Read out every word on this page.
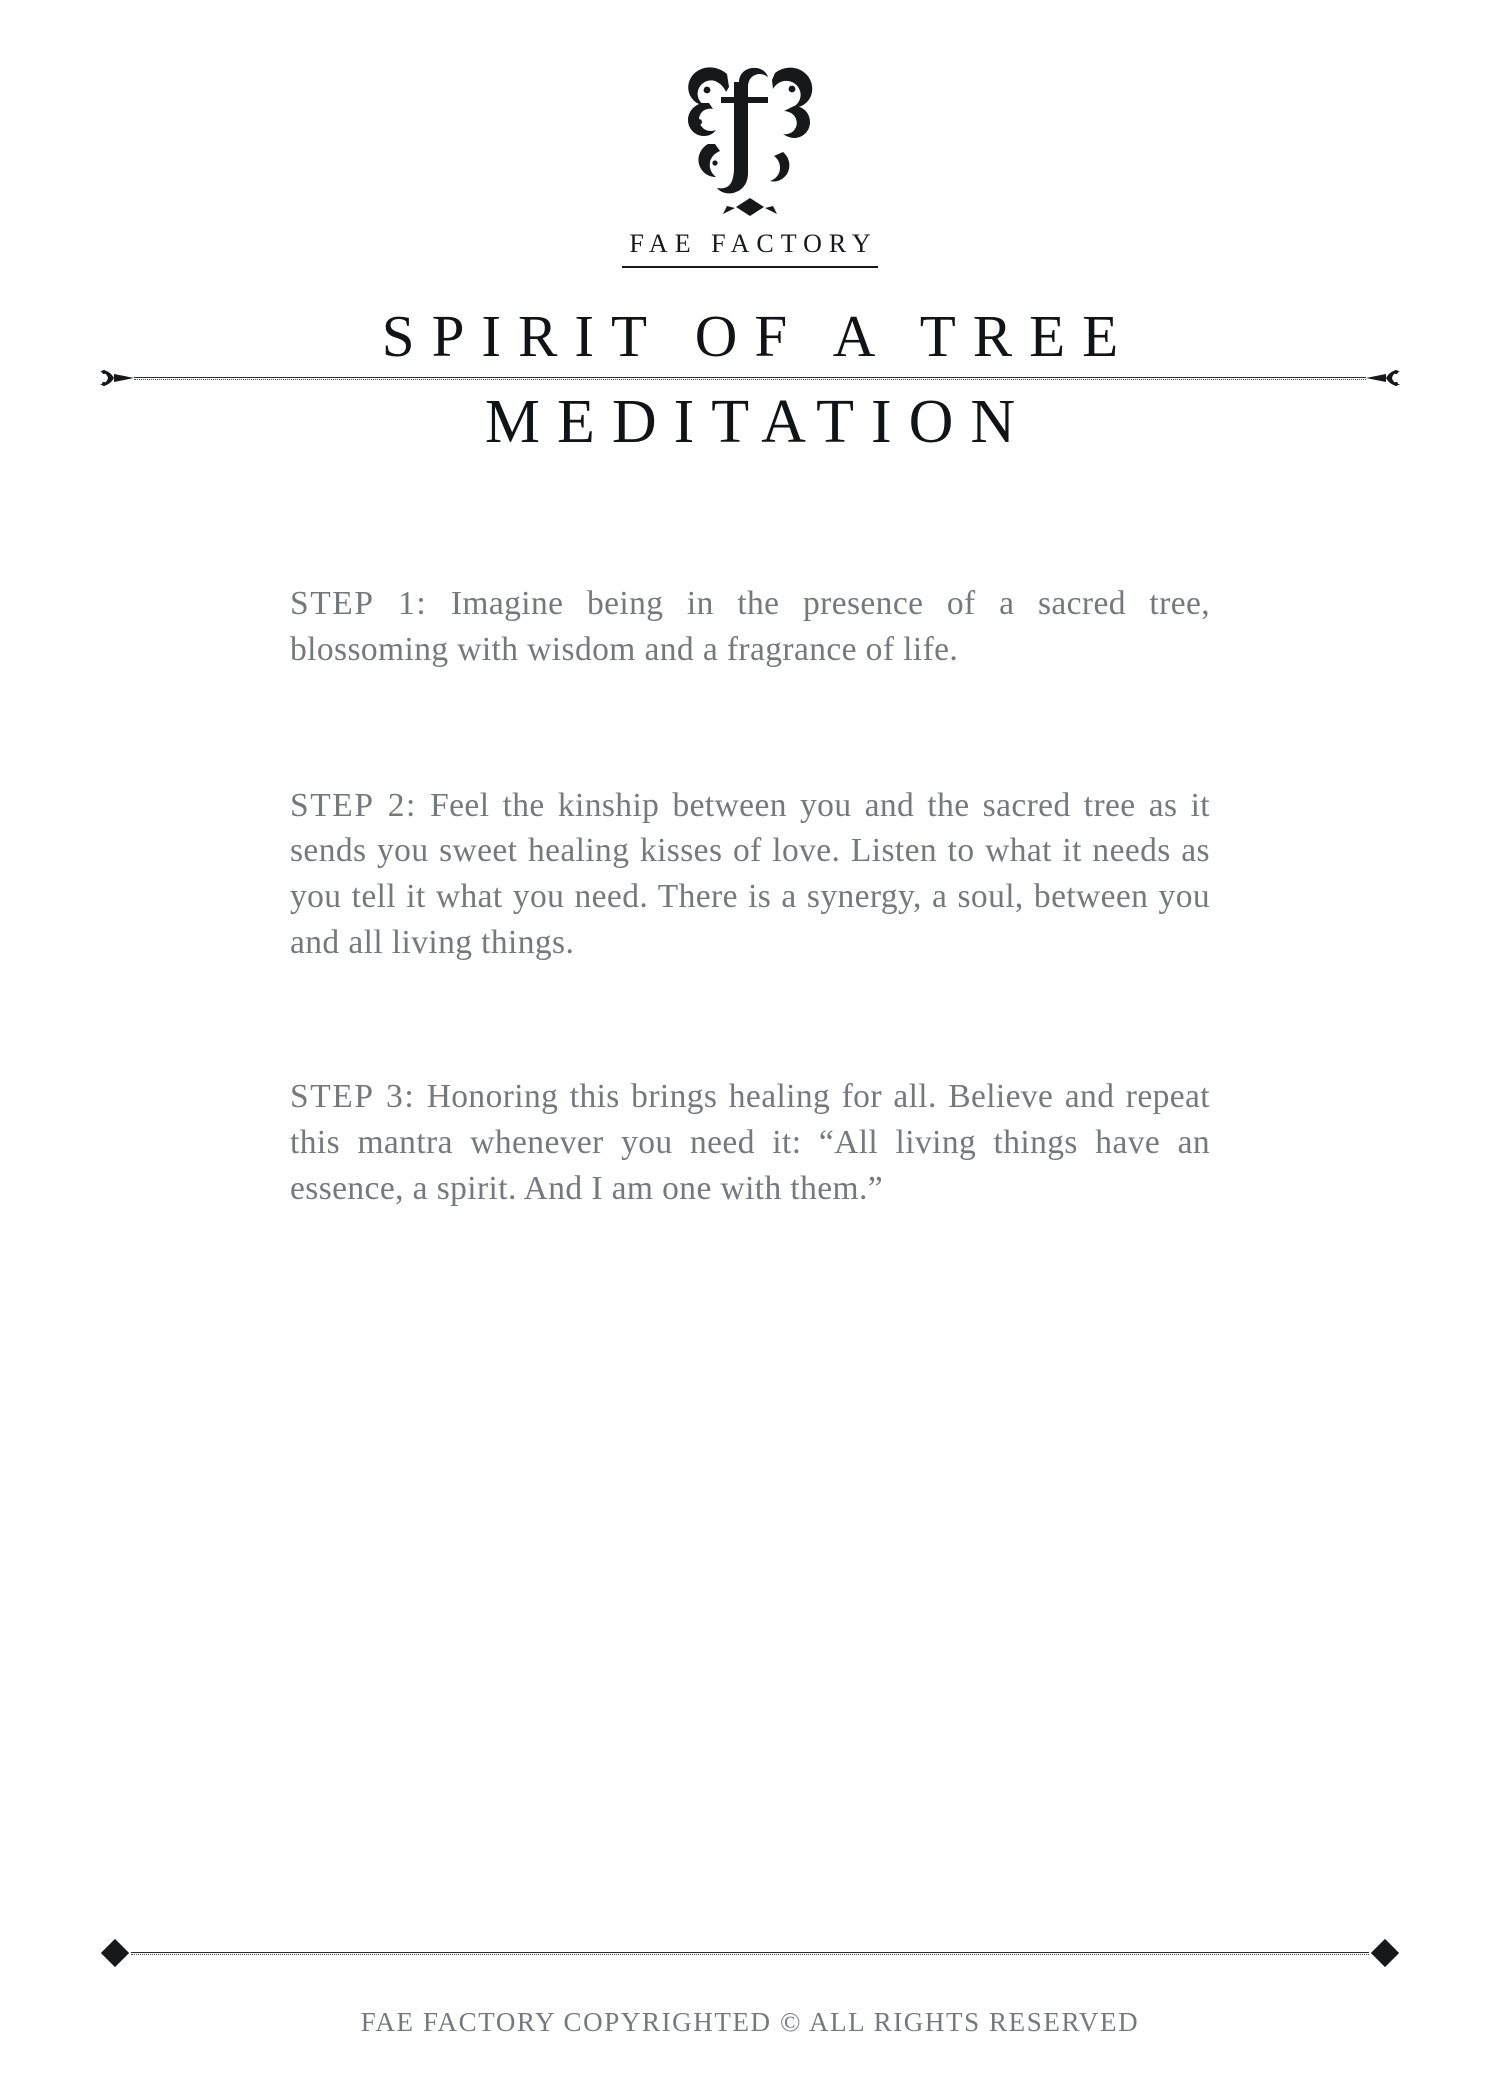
FAE FACTORY
SPIRIT OF A TREE
MEDITATION

STEP 1: Imagine being in the presence of a sacred tree, blossoming with wisdom and a fragrance of life.

STEP 2: Feel the kinship between you and the sacred tree as it sends you sweet healing kisses of love. Listen to what it needs as you tell it what you need. There is a synergy, a soul, between you and all living things.

STEP 3: Honoring this brings healing for all. Believe and repeat this mantra whenever you need it: “All living things have an essence, a spirit. And I am one with them.”

FAE FACTORY COPYRIGHTED © ALL RIGHTS RESERVED
